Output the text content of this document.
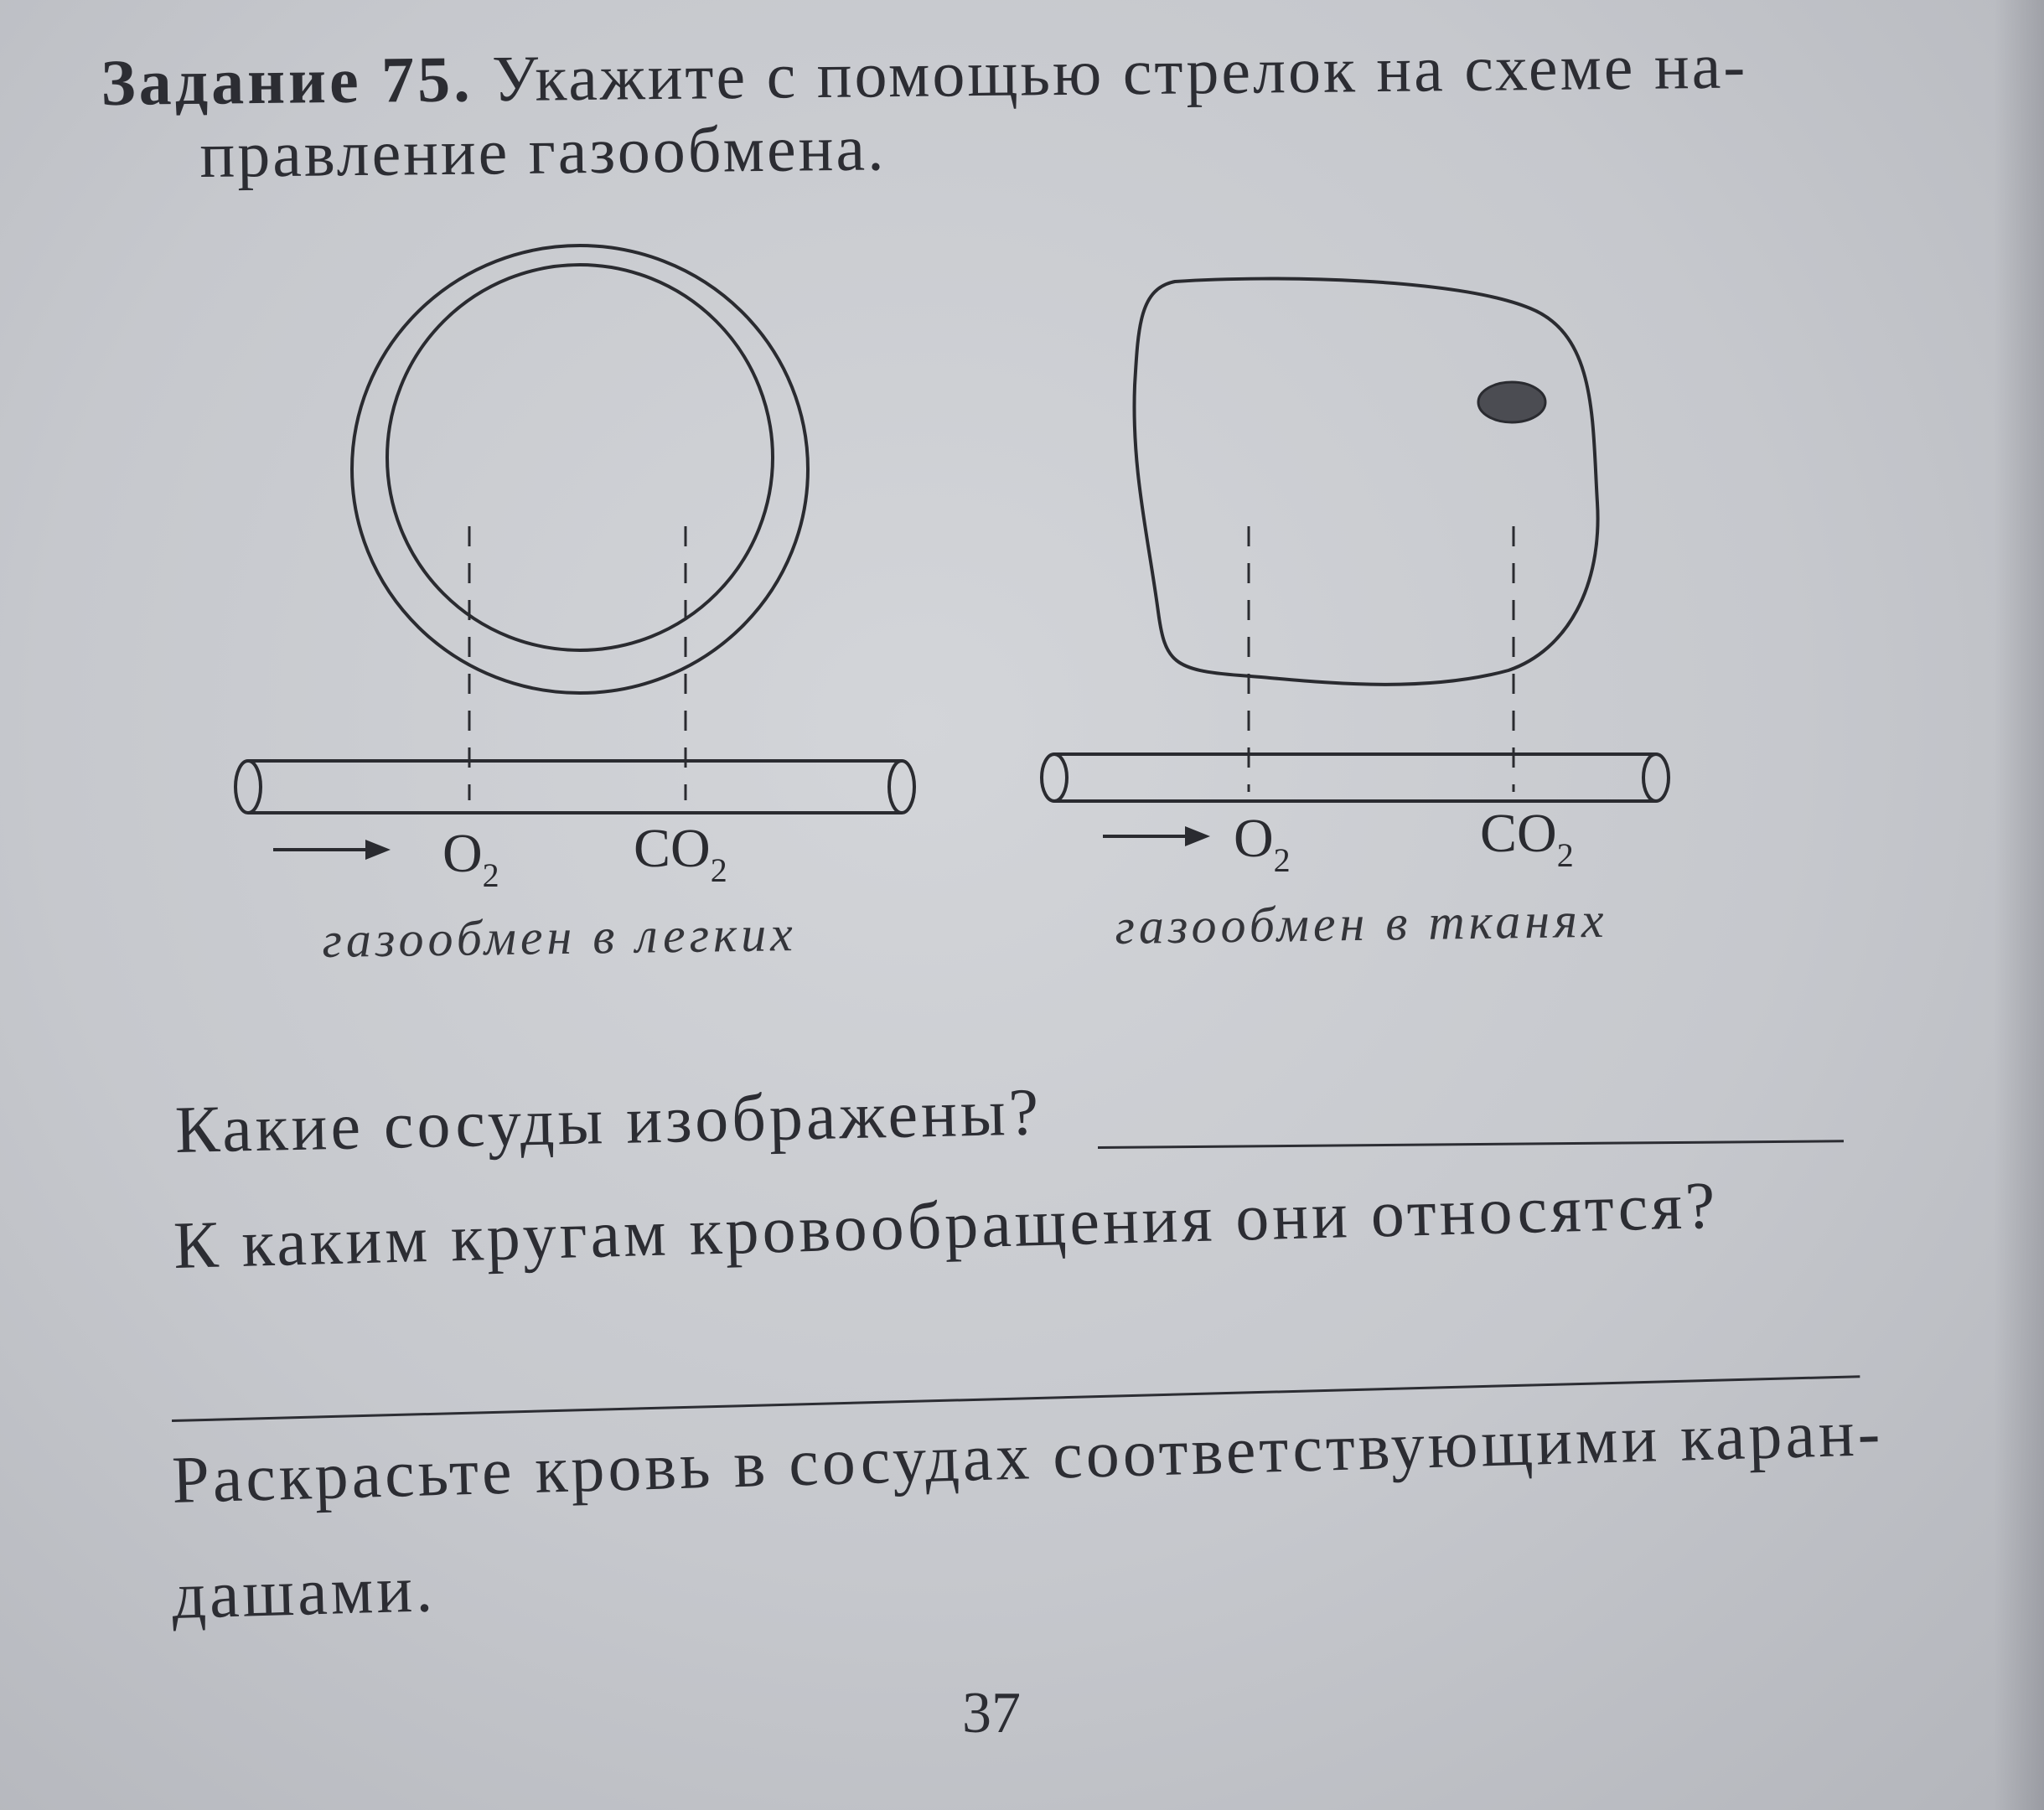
Задание 75. Укажите с помощью стрелок на схеме на-
правление газообмена.
$O_2$ $CO_2$
$O_2$	$CO_2$
газообмен в легких	газообмен в тканях
Какие сосуды изображены?
К каким кругам кровообращения они относятся?
Раскрасьте кровь в сосудах соответствующими каран-
дашами.
37
